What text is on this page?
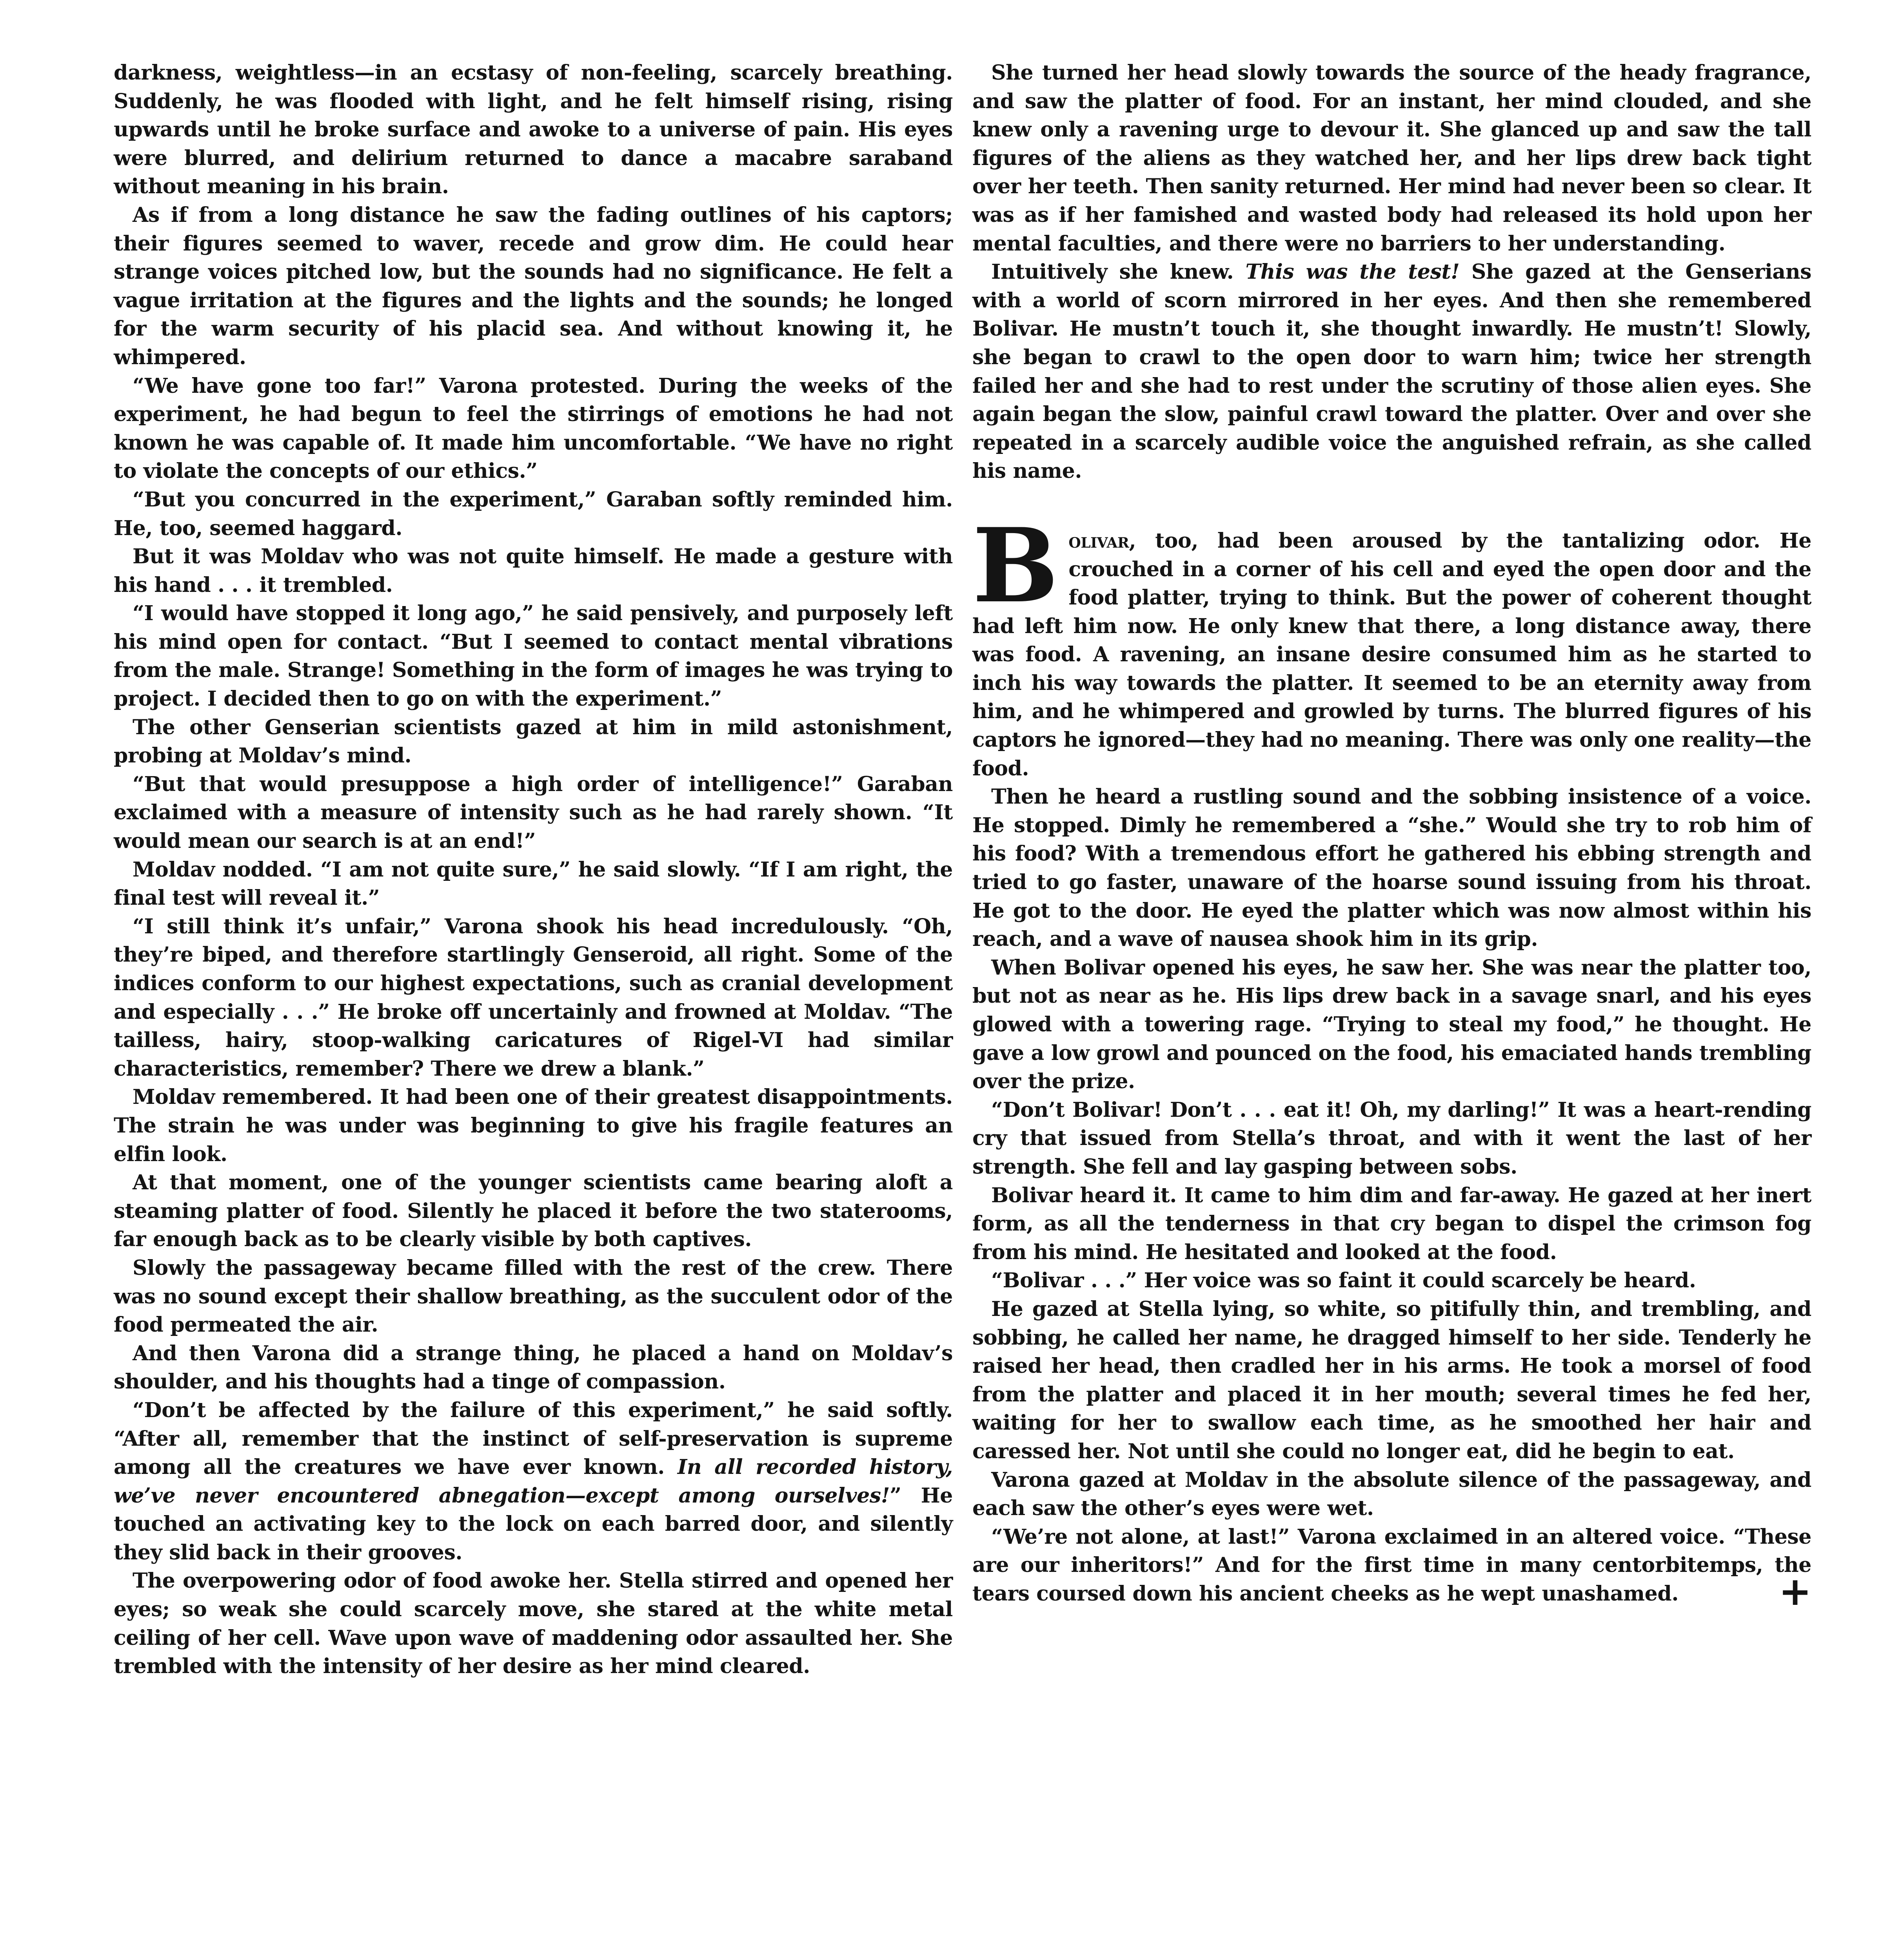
darkness, weightless—in an ecstasy of non-feeling, scarcely breathing. Suddenly, he was flooded with light, and he felt himself rising, rising upwards until he broke surface and awoke to a universe of pain. His eyes were blurred, and delirium returned to dance a macabre saraband without meaning in his brain.

As if from a long distance he saw the fading outlines of his captors; their figures seemed to waver, recede and grow dim. He could hear strange voices pitched low, but the sounds had no significance. He felt a vague irritation at the figures and the lights and the sounds; he longed for the warm security of his placid sea. And without knowing it, he whimpered.

“We have gone too far!” Varona protested. During the weeks of the experiment, he had begun to feel the stirrings of emotions he had not known he was capable of. It made him uncomfortable. “We have no right to violate the concepts of our ethics.”

“But you concurred in the experiment,” Garaban softly reminded him. He, too, seemed haggard.

But it was Moldav who was not quite himself. He made a gesture with his hand . . . it trembled.

“I would have stopped it long ago,” he said pensively, and purposely left his mind open for contact. “But I seemed to contact mental vibrations from the male. Strange! Something in the form of images he was trying to project. I decided then to go on with the experiment.”

The other Genserian scientists gazed at him in mild astonishment, probing at Moldav’s mind.

“But that would presuppose a high order of intelligence!” Garaban exclaimed with a measure of intensity such as he had rarely shown. “It would mean our search is at an end!”

Moldav nodded. “I am not quite sure,” he said slowly. “If I am right, the final test will reveal it.”

“I still think it’s unfair,” Varona shook his head incredulously. “Oh, they’re biped, and therefore startlingly Genseroid, all right. Some of the indices conform to our highest expectations, such as cranial development and especially . . .” He broke off uncertainly and frowned at Moldav. “The tailless, hairy, stoop-walking caricatures of Rigel-VI had similar characteristics, remember? There we drew a blank.”

Moldav remembered. It had been one of their greatest disappointments. The strain he was under was beginning to give his fragile features an elfin look.

At that moment, one of the younger scientists came bearing aloft a steaming platter of food. Silently he placed it before the two staterooms, far enough back as to be clearly visible by both captives.

Slowly the passageway became filled with the rest of the crew. There was no sound except their shallow breathing, as the succulent odor of the food permeated the air.

And then Varona did a strange thing, he placed a hand on Moldav’s shoulder, and his thoughts had a tinge of compassion.

“Don’t be affected by the failure of this experiment,” he said softly. “After all, remember that the instinct of self-preservation is supreme among all the creatures we have ever known. In all recorded history, we’ve never encountered abnegation—except among ourselves!” He touched an activating key to the lock on each barred door, and silently they slid back in their grooves.

The overpowering odor of food awoke her. Stella stirred and opened her eyes; so weak she could scarcely move, she stared at the white metal ceiling of her cell. Wave upon wave of maddening odor assaulted her. She trembled with the intensity of her desire as her mind cleared.

She turned her head slowly towards the source of the heady fragrance, and saw the platter of food. For an instant, her mind clouded, and she knew only a ravening urge to devour it. She glanced up and saw the tall figures of the aliens as they watched her, and her lips drew back tight over her teeth. Then sanity returned. Her mind had never been so clear. It was as if her famished and wasted body had released its hold upon her mental faculties, and there were no barriers to her understanding.

Intuitively she knew. This was the test! She gazed at the Genserians with a world of scorn mirrored in her eyes. And then she remembered Bolivar. He mustn’t touch it, she thought inwardly. He mustn’t! Slowly, she began to crawl to the open door to warn him; twice her strength failed her and she had to rest under the scrutiny of those alien eyes. She again began the slow, painful crawl toward the platter. Over and over she repeated in a scarcely audible voice the anguished refrain, as she called his name.

Bolivar, too, had been aroused by the tantalizing odor. He crouched in a corner of his cell and eyed the open door and the food platter, trying to think. But the power of coherent thought had left him now. He only knew that there, a long distance away, there was food. A ravening, an insane desire consumed him as he started to inch his way towards the platter. It seemed to be an eternity away from him, and he whimpered and growled by turns. The blurred figures of his captors he ignored—they had no meaning. There was only one reality—the food.

Then he heard a rustling sound and the sobbing insistence of a voice. He stopped. Dimly he remembered a “she.” Would she try to rob him of his food? With a tremendous effort he gathered his ebbing strength and tried to go faster, unaware of the hoarse sound issuing from his throat. He got to the door. He eyed the platter which was now almost within his reach, and a wave of nausea shook him in its grip.

When Bolivar opened his eyes, he saw her. She was near the platter too, but not as near as he. His lips drew back in a savage snarl, and his eyes glowed with a towering rage. “Trying to steal my food,” he thought. He gave a low growl and pounced on the food, his emaciated hands trembling over the prize.

“Don’t Bolivar! Don’t . . . eat it! Oh, my darling!” It was a heart-rending cry that issued from Stella’s throat, and with it went the last of her strength. She fell and lay gasping between sobs.

Bolivar heard it. It came to him dim and far-away. He gazed at her inert form, as all the tenderness in that cry began to dispel the crimson fog from his mind. He hesitated and looked at the food.

“Bolivar . . .” Her voice was so faint it could scarcely be heard.

He gazed at Stella lying, so white, so pitifully thin, and trembling, and sobbing, he called her name, he dragged himself to her side. Tenderly he raised her head, then cradled her in his arms. He took a morsel of food from the platter and placed it in her mouth; several times he fed her, waiting for her to swallow each time, as he smoothed her hair and caressed her. Not until she could no longer eat, did he begin to eat.

Varona gazed at Moldav in the absolute silence of the passageway, and each saw the other’s eyes were wet.

“We’re not alone, at last!” Varona exclaimed in an altered voice. “These are our inheritors!” And for the first time in many centorbitemps, the tears coursed down his ancient cheeks as he wept unashamed.	+
